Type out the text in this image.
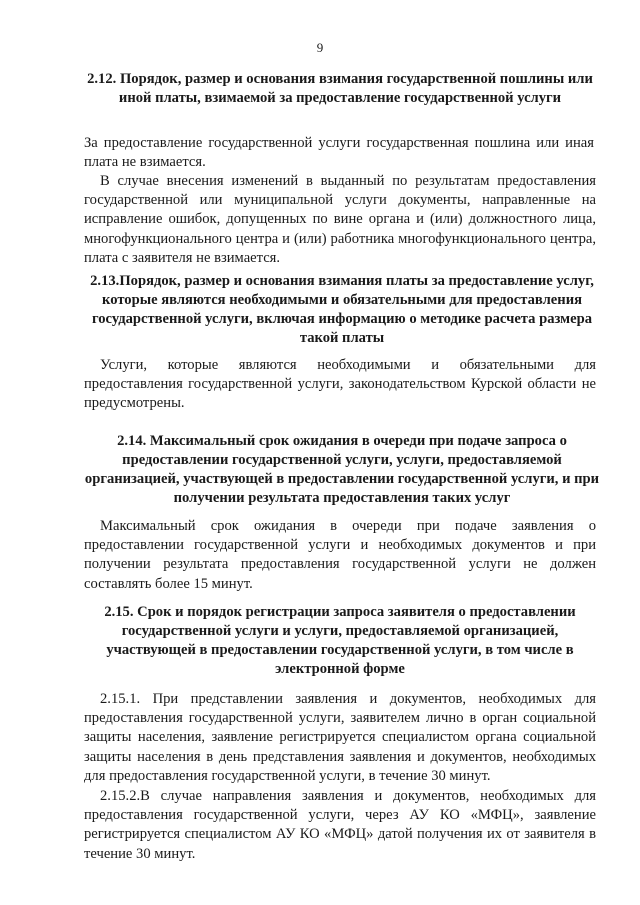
9
2.12. Порядок, размер и основания взимания государственной пошлины или иной платы, взимаемой за предоставление государственной услуги

За предоставление государственной услуги государственная пошлина или иная плата не взимается.

В случае внесения изменений в выданный по результатам предоставления государственной или муниципальной услуги документы, направленные на исправление ошибок, допущенных по вине органа и (или) должностного лица, многофункционального центра и (или) работника многофункционального центра, плата с заявителя не взимается.

2.13.Порядок, размер и основания взимания платы за предоставление услуг, которые являются необходимыми и обязательными для предоставления государственной услуги, включая информацию о методике расчета размера такой платы

Услуги, которые являются необходимыми и обязательными для предоставления государственной услуги, законодательством Курской области не предусмотрены.

2.14. Максимальный срок ожидания в очереди при подаче запроса о предоставлении государственной услуги, услуги, предоставляемой организацией, участвующей в предоставлении государственной услуги, и при получении результата предоставления таких услуг

Максимальный срок ожидания в очереди при подаче заявления о предоставлении государственной услуги и необходимых документов и при получении результата предоставления государственной услуги не должен составлять более 15 минут.

2.15. Срок и порядок регистрации запроса заявителя о предоставлении государственной услуги и услуги, предоставляемой организацией, участвующей в предоставлении государственной услуги, в том числе в электронной форме

2.15.1. При представлении заявления и документов, необходимых для предоставления государственной услуги, заявителем лично в орган социальной защиты населения, заявление регистрируется специалистом органа социальной защиты населения в день представления заявления и документов, необходимых для предоставления государственной услуги, в течение 30 минут.

2.15.2.В случае направления заявления и документов, необходимых для предоставления государственной услуги, через АУ КО «МФЦ», заявление регистрируется специалистом АУ КО «МФЦ» датой получения их от заявителя в течение 30 минут.
